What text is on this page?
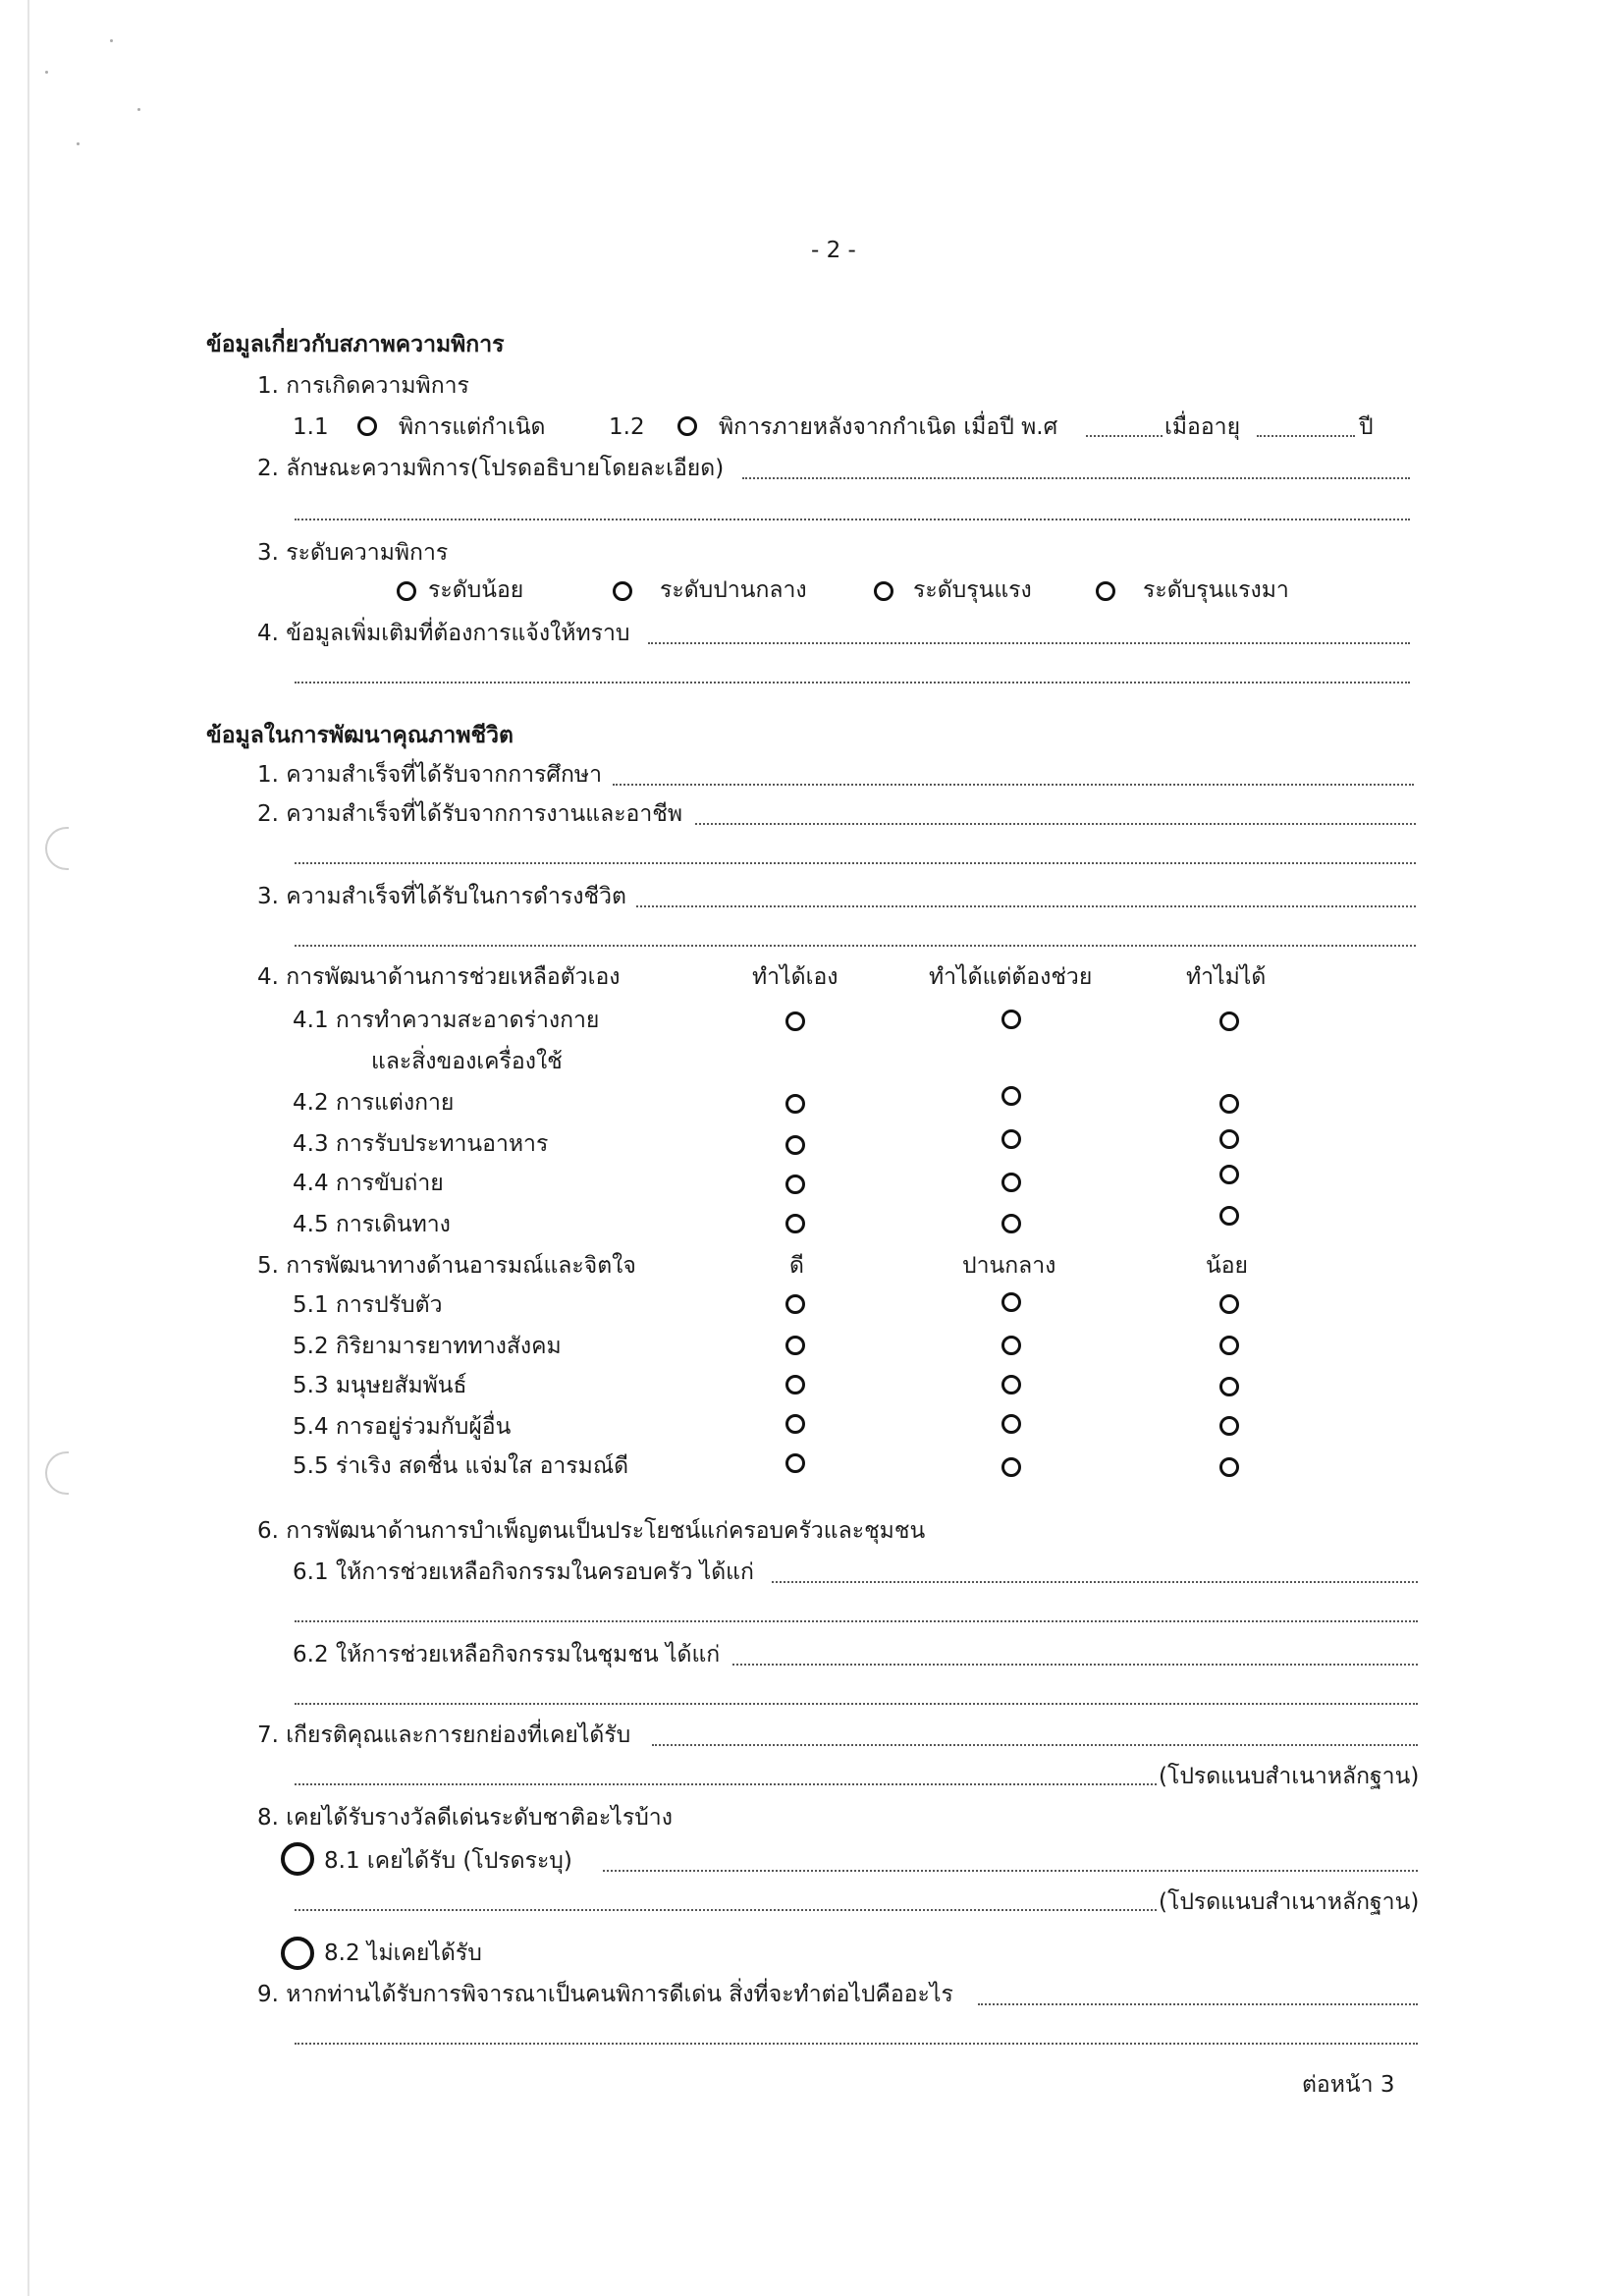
- 2 -
ข้อมูลเกี่ยวกับสภาพความพิการ
1. การเกิดความพิการ
1.1	พิการแต่กำเนิด	1.2	พิการภายหลังจากกำเนิด เมื่อปี พ.ศ	เมื่ออายุ	ปี
2. ลักษณะความพิการ(โปรดอธิบายโดยละเอียด)
3. ระดับความพิการ
ระดับน้อย	ระดับปานกลาง	ระดับรุนแรง	ระดับรุนแรงมา
4. ข้อมูลเพิ่มเติมที่ต้องการแจ้งให้ทราบ
ข้อมูลในการพัฒนาคุณภาพชีวิต
1. ความสำเร็จที่ได้รับจากการศึกษา
2. ความสำเร็จที่ได้รับจากการงานและอาชีพ
3. ความสำเร็จที่ได้รับในการดำรงชีวิต
4. การพัฒนาด้านการช่วยเหลือตัวเอง	ทำได้เอง	ทำได้แต่ต้องช่วย	ทำไม่ได้
4.1 การทำความสะอาดร่างกาย
และสิ่งของเครื่องใช้
4.2 การแต่งกาย
4.3 การรับประทานอาหาร
4.4 การขับถ่าย
4.5 การเดินทาง
5. การพัฒนาทางด้านอารมณ์และจิตใจ	ดี	ปานกลาง	น้อย
5.1 การปรับตัว
5.2 กิริยามารยาททางสังคม
5.3 มนุษยสัมพันธ์
5.4 การอยู่ร่วมกับผู้อื่น
5.5 ร่าเริง สดชื่น แจ่มใส อารมณ์ดี
6. การพัฒนาด้านการบำเพ็ญตนเป็นประโยชน์แก่ครอบครัวและชุมชน
6.1 ให้การช่วยเหลือกิจกรรมในครอบครัว ได้แก่
6.2 ให้การช่วยเหลือกิจกรรมในชุมชน ได้แก่
7. เกียรติคุณและการยกย่องที่เคยได้รับ
(โปรดแนบสำเนาหลักฐาน)
8. เคยได้รับรางวัลดีเด่นระดับชาติอะไรบ้าง
8.1 เคยได้รับ (โปรดระบุ)
(โปรดแนบสำเนาหลักฐาน)
8.2 ไม่เคยได้รับ
9. หากท่านได้รับการพิจารณาเป็นคนพิการดีเด่น สิ่งที่จะทำต่อไปคืออะไร
ต่อหน้า 3
